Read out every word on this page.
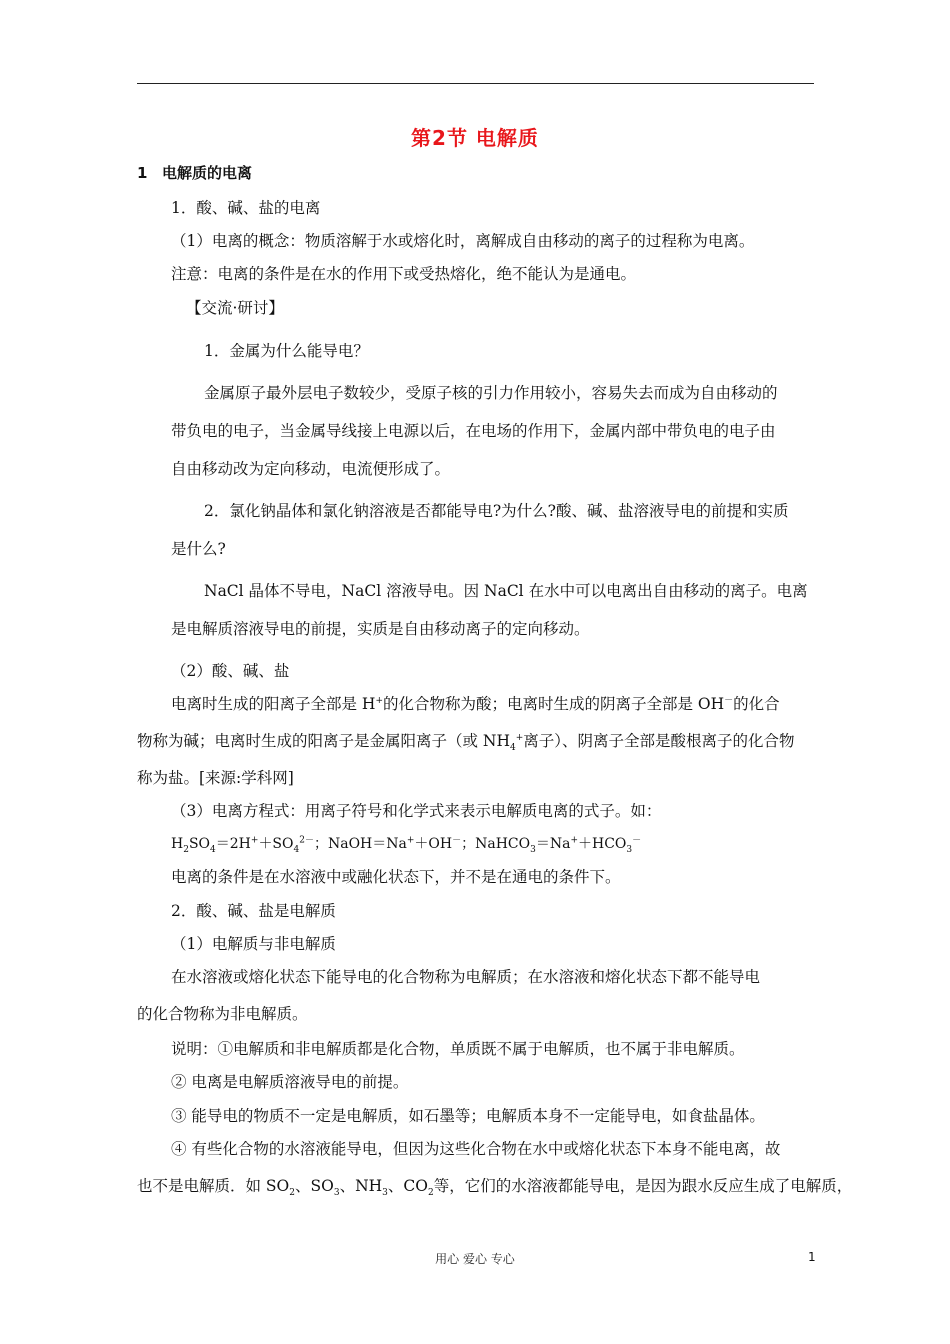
第2节 电解质
1 电解质的电离
1．酸、碱、盐的电离
（1）电离的概念：物质溶解于水或熔化时，离解成自由移动的离子的过程称为电离。
注意：电离的条件是在水的作用下或受热熔化，绝不能认为是通电。
【交流·研讨】
1．金属为什么能导电？
金属原子最外层电子数较少，受原子核的引力作用较小，容易失去而成为自由移动的
带负电的电子，当金属导线接上电源以后，在电场的作用下，金属内部中带负电的电子由
自由移动改为定向移动，电流便形成了。
2．氯化钠晶体和氯化钠溶液是否都能导电?为什么?酸、碱、盐溶液导电的前提和实质
是什么?
NaCl 晶体不导电，NaCl 溶液导电。因 NaCl 在水中可以电离出自由移动的离子。电离
是电解质溶液导电的前提，实质是自由移动离子的定向移动。
（2）酸、碱、盐
电离时生成的阳离子全部是 H+的化合物称为酸；电离时生成的阴离子全部是 OH－的化合
物称为碱；电离时生成的阳离子是金属阳离子（或 $NH_4^+$离子）、阴离子全部是酸根离子的化合物
称为盐。[来源:学科网]
（3）电离方程式：用离子符号和化学式来表示电解质电离的式子。如：
$H_2SO_4=2H^++SO_4^{2-}$；NaOH＝Na+＋OH－；$NaHCO_3=Na^++HCO_3^-$
电离的条件是在水溶液中或融化状态下，并不是在通电的条件下。
2．酸、碱、盐是电解质
（1）电解质与非电解质
在水溶液或熔化状态下能导电的化合物称为电解质；在水溶液和熔化状态下都不能导电
的化合物称为非电解质。
说明：①电解质和非电解质都是化合物，单质既不属于电解质，也不属于非电解质。
② 电离是电解质溶液导电的前提。
③ 能导电的物质不一定是电解质，如石墨等；电解质本身不一定能导电，如食盐晶体。
④ 有些化合物的水溶液能导电，但因为这些化合物在水中或熔化状态下本身不能电离，故
也不是电解质．如 $SO_2$、$SO_3$、$NH_3$、$CO_2$等，它们的水溶液都能导电，是因为跟水反应生成了电解质，
用心 爱心 专心	1
